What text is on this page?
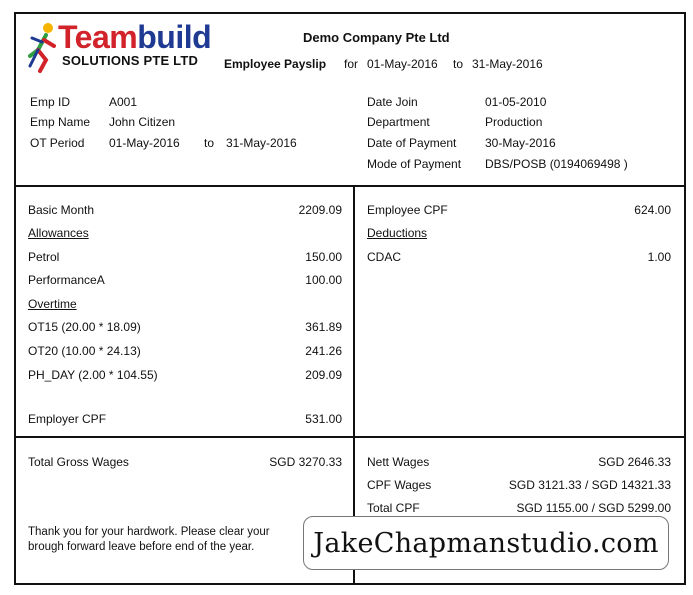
Teambuild
SOLUTIONS PTE LTD
Demo Company Pte Ltd
Employee Payslip for 01-May-2016 to 31-May-2016
Emp ID	A001
Emp Name John Citizen
OT Period 01-May-2016 to 31-May-2016
Date Join	01-05-2010
Department	Production
Date of Payment 30-May-2016
Mode of Payment DBS/POSB (0194069498 )
Basic Month	2209.09
Allowances
Petrol	150.00
PerformanceA	100.00
Overtime
OT15 (20.00 * 18.09)	361.89
OT20 (10.00 * 24.13)	241.26
PH_DAY (2.00 * 104.55)	209.09
Employer CPF	531.00
Employee CPF	624.00
Deductions
CDAC	1.00
Total Gross Wages	SGD 3270.33 Nett Wages	SGD 2646.33
CPF Wages	SGD 3121.33 / SGD 14321.33
Total CPF	SGD 1155.00 / SGD 5299.00
Thank you for your hardwork. Please clear your
brough forward leave before end of the year.	JakeChapmanstudio.com
